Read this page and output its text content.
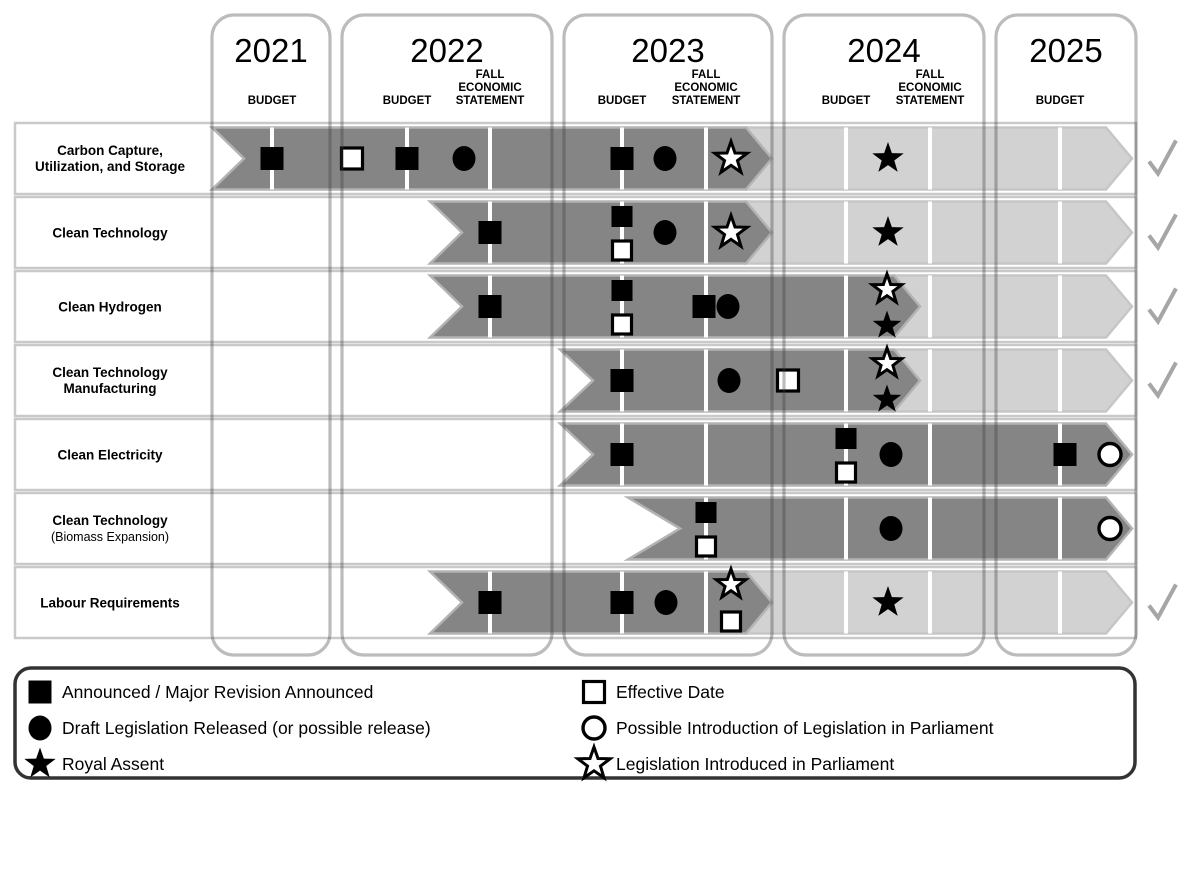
2021
BUDGET
2022
BUDGET
FALL
ECONOMIC
STATEMENT
2023
BUDGET
FALL
ECONOMIC
STATEMENT
2024
BUDGET
FALL
ECONOMIC
STATEMENT
2025
BUDGET
Carbon Capture,
Utilization, and Storage
Clean Technology
Clean Hydrogen
Clean Technology
Manufacturing
Clean Electricity
Clean Technology
(Biomass Expansion)
Labour Requirements
Announced / Major Revision Announced
Draft Legislation Released (or possible release)
Royal Assent
Effective Date
Possible Introduction of Legislation in Parliament
Legislation Introduced in Parliament
